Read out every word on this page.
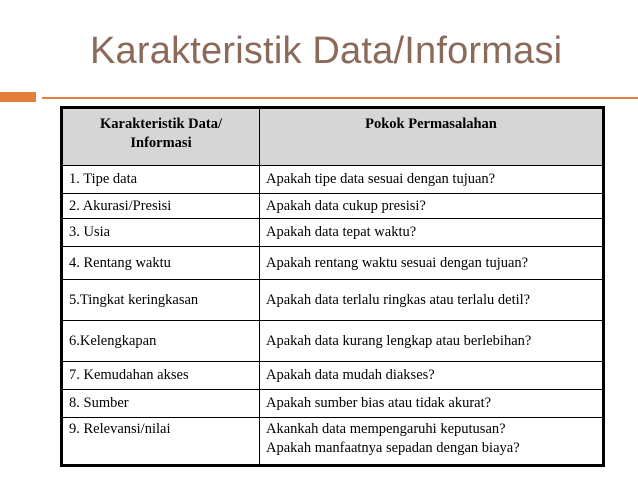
Karakteristik Data/Informasi
Karakteristik Data/
Informasi	Pokok Permasalahan
1. Tipe data	Apakah tipe data sesuai dengan tujuan?
2. Akurasi/Presisi	Apakah data cukup presisi?
3. Usia	Apakah data tepat waktu?
4. Rentang waktu	Apakah rentang waktu sesuai dengan tujuan?
5.Tingkat keringkasan	Apakah data terlalu ringkas atau terlalu detil?
6.Kelengkapan	Apakah data kurang lengkap atau berlebihan?
7. Kemudahan akses	Apakah data mudah diakses?
8. Sumber	Apakah sumber bias atau tidak akurat?
9. Relevansi/nilai	Akankah data mempengaruhi keputusan?
Apakah manfaatnya sepadan dengan biaya?
